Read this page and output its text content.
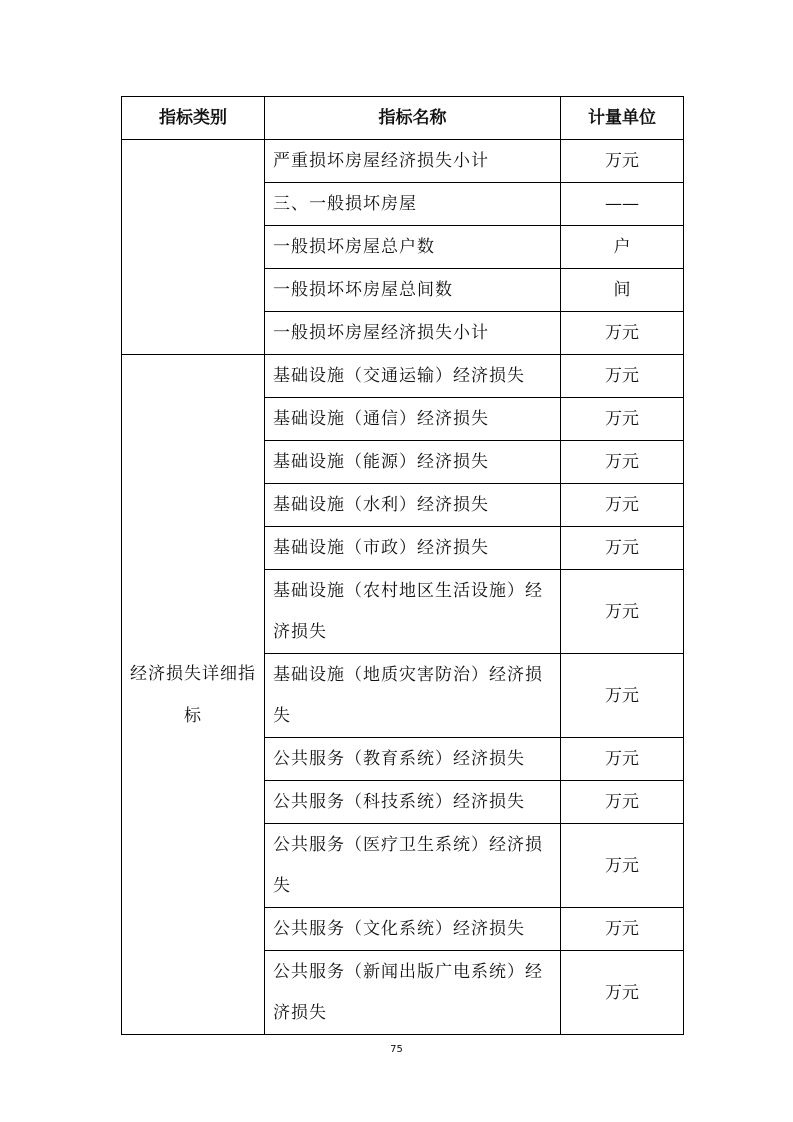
指标类别	指标名称	计量单位
	严重损坏房屋经济损失小计	万元
	三、一般损坏房屋	——
	一般损坏房屋总户数	户
	一般损坏坏房屋总间数	间
	一般损坏房屋经济损失小计	万元
经济损失详细指标	基础设施（交通运输）经济损失	万元
	基础设施（通信）经济损失	万元
	基础设施（能源）经济损失	万元
	基础设施（水利）经济损失	万元
	基础设施（市政）经济损失	万元
	基础设施（农村地区生活设施）经济损失	万元
	基础设施（地质灾害防治）经济损失	万元
	公共服务（教育系统）经济损失	万元
	公共服务（科技系统）经济损失	万元
	公共服务（医疗卫生系统）经济损失	万元
	公共服务（文化系统）经济损失	万元
	公共服务（新闻出版广电系统）经济损失	万元
75
